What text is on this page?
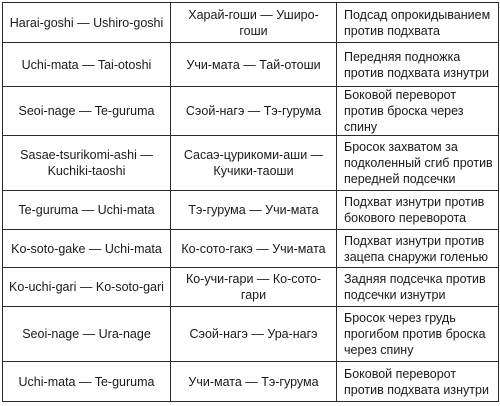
Harai-goshi — Ushiro-goshi	Харай-гоши — Уширо-гоши	Подсад опрокидыванием против подхвата
Uchi-mata — Tai-otoshi	Учи-мата — Тай-отоши	Передняя подножка против подхвата изнутри
Seoi-nage — Te-guruma	Сэой-нагэ — Тэ-гурума	Боковой переворот против броска через спину
Sasae-tsurikomi-ashi — Kuchiki-taoshi	Сасаэ-цурикоми-аши — Кучики-таоши	Бросок захватом за подколенный сгиб против передней подсечки
Te-guruma — Uchi-mata	Тэ-гурума — Учи-мата	Подхват изнутри против бокового переворота
Ko-soto-gake — Uchi-mata	Ко-сото-гакэ — Учи-мата	Подхват изнутри против зацепа снаружи голенью
Ko-uchi-gari — Ko-soto-gari	Ко-учи-гари — Ко-сото-гари	Задняя подсечка против подсечки изнутри
Seoi-nage — Ura-nage	Сэой-нагэ — Ура-нагэ	Бросок через грудь прогибом против броска через спину
Uchi-mata — Te-guruma	Учи-мата — Тэ-гурума	Боковой переворот против подхвата изнутри
